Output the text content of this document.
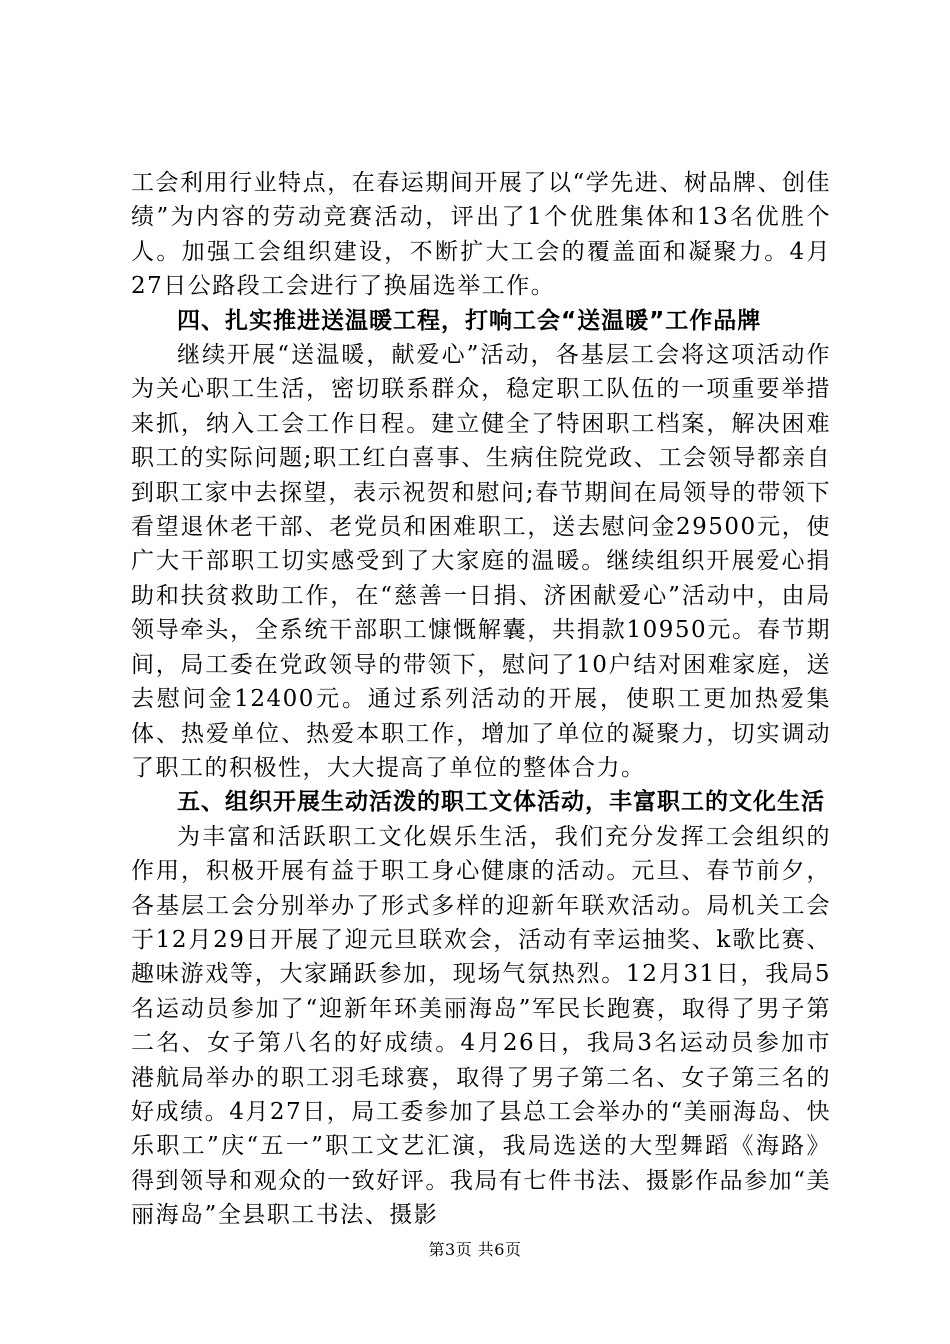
工会利用行业特点，在春运期间开展了以“学先进、树品牌、创佳绩”为内容的劳动竞赛活动，评出了1个优胜集体和13名优胜个人。加强工会组织建设，不断扩大工会的覆盖面和凝聚力。4月27日公路段工会进行了换届选举工作。

四、扎实推进送温暖工程，打响工会“送温暖”工作品牌

继续开展“送温暖，献爱心”活动，各基层工会将这项活动作为关心职工生活，密切联系群众，稳定职工队伍的一项重要举措来抓，纳入工会工作日程。建立健全了特困职工档案，解决困难职工的实际问题;职工红白喜事、生病住院党政、工会领导都亲自到职工家中去探望，表示祝贺和慰问;春节期间在局领导的带领下看望退休老干部、老党员和困难职工，送去慰问金29500元，使广大干部职工切实感受到了大家庭的温暖。继续组织开展爱心捐助和扶贫救助工作，在“慈善一日捐、济困献爱心”活动中，由局领导牵头，全系统干部职工慷慨解囊，共捐款10950元。春节期间，局工委在党政领导的带领下，慰问了10户结对困难家庭，送去慰问金12400元。通过系列活动的开展，使职工更加热爱集体、热爱单位、热爱本职工作，增加了单位的凝聚力，切实调动了职工的积极性，大大提高了单位的整体合力。

五、组织开展生动活泼的职工文体活动，丰富职工的文化生活

为丰富和活跃职工文化娱乐生活，我们充分发挥工会组织的作用，积极开展有益于职工身心健康的活动。元旦、春节前夕，各基层工会分别举办了形式多样的迎新年联欢活动。局机关工会于12月29日开展了迎元旦联欢会，活动有幸运抽奖、k歌比赛、趣味游戏等，大家踊跃参加，现场气氛热烈。12月31日，我局5名运动员参加了“迎新年环美丽海岛”军民长跑赛，取得了男子第二名、女子第八名的好成绩。4月26日，我局3名运动员参加市港航局举办的职工羽毛球赛，取得了男子第二名、女子第三名的好成绩。4月27日，局工委参加了县总工会举办的“美丽海岛、快乐职工”庆“五一”职工文艺汇演，我局选送的大型舞蹈《海路》得到领导和观众的一致好评。我局有七件书法、摄影作品参加“美丽海岛”全县职工书法、摄影

第3页 共6页
